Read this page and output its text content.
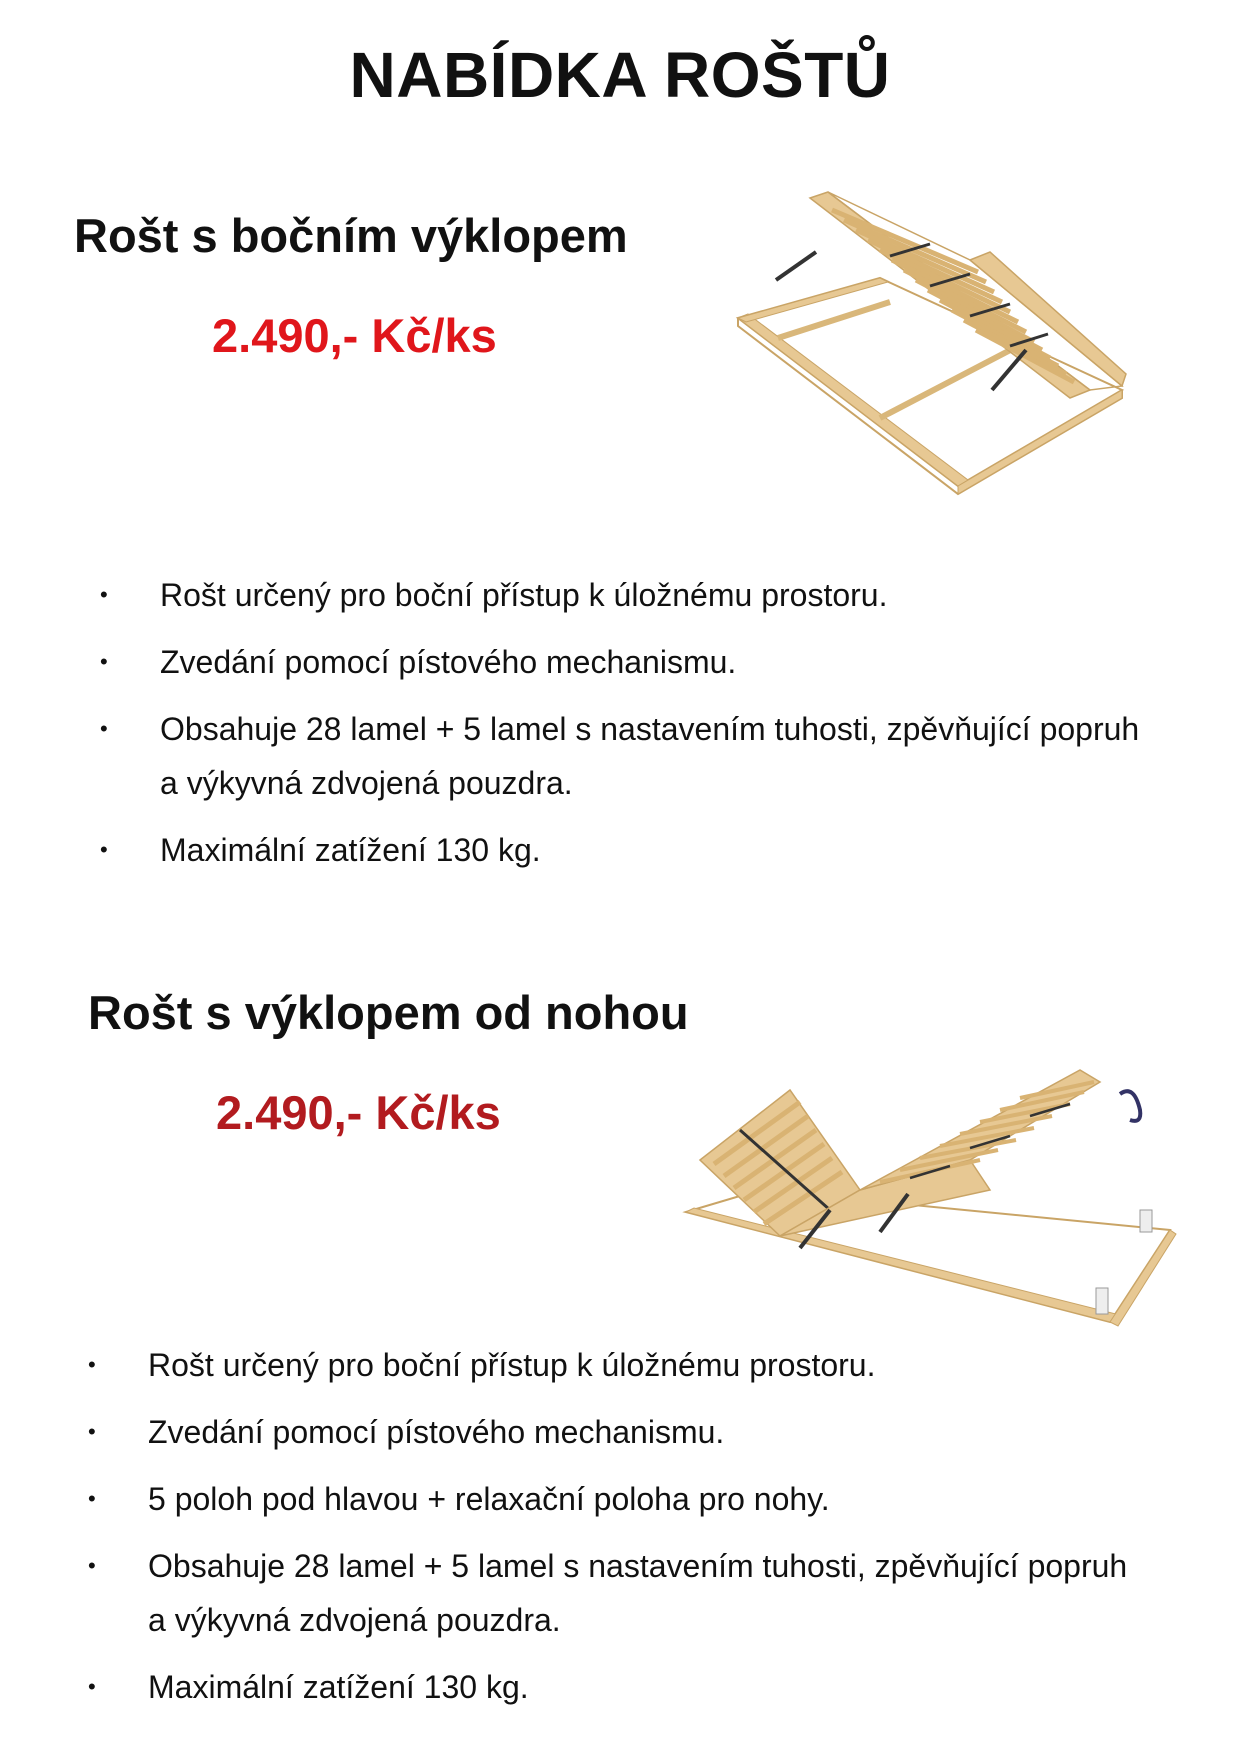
NABÍDKA ROŠTŮ
Rošt s bočním výklopem
2.490,- Kč/ks
• Rošt určený pro boční přístup k úložnému prostoru.
• Zvedání pomocí pístového mechanismu.
• Obsahuje 28 lamel + 5 lamel s nastavením tuhosti, zpěvňující popruh a výkyvná zdvojená pouzdra.
• Maximální zatížení 130 kg.
Rošt s výklopem od nohou
2.490,- Kč/ks
• Rošt určený pro boční přístup k úložnému prostoru.
• Zvedání pomocí pístového mechanismu.
• 5 poloh pod hlavou + relaxační poloha pro nohy.
• Obsahuje 28 lamel + 5 lamel s nastavením tuhosti, zpěvňující popruh a výkyvná zdvojená pouzdra.
• Maximální zatížení 130 kg.
